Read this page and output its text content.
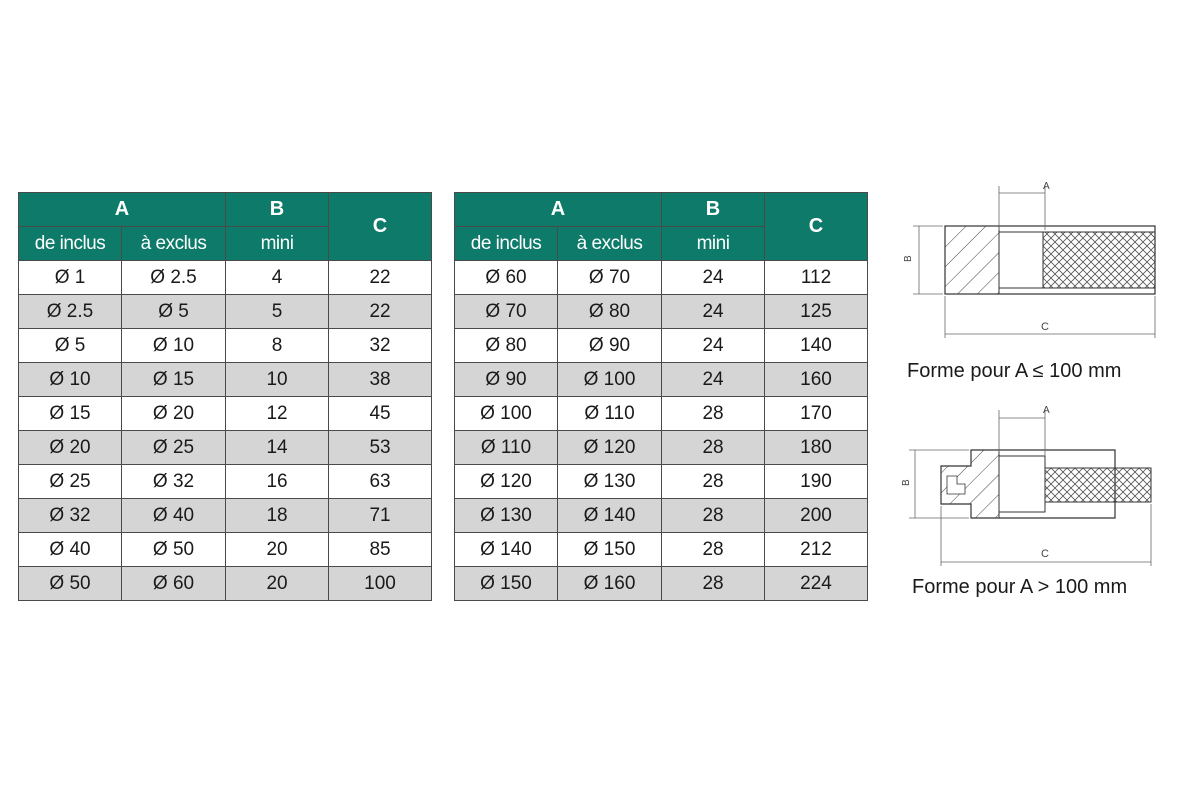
A		B	C
de inclus	à exclus	mini	
Ø 1	Ø 2.5	4	22
Ø 2.5	Ø 5	5	22
Ø 5	Ø 10	8	32
Ø 10	Ø 15	10	38
Ø 15	Ø 20	12	45
Ø 20	Ø 25	14	53
Ø 25	Ø 32	16	63
Ø 32	Ø 40	18	71
Ø 40	Ø 50	20	85
Ø 50	Ø 60	20	100
A		B	C
de inclus	à exclus	mini	
Ø 60	Ø 70	24	112
Ø 70	Ø 80	24	125
Ø 80	Ø 90	24	140
Ø 90	Ø 100	24	160
Ø 100	Ø 110	28	170
Ø 110	Ø 120	28	180
Ø 120	Ø 130	28	190
Ø 130	Ø 140	28	200
Ø 140	Ø 150	28	212
Ø 150	Ø 160	28	224
B
A
C
Forme pour A ≤ 100 mm
B
A
C
Forme pour A > 100 mm
